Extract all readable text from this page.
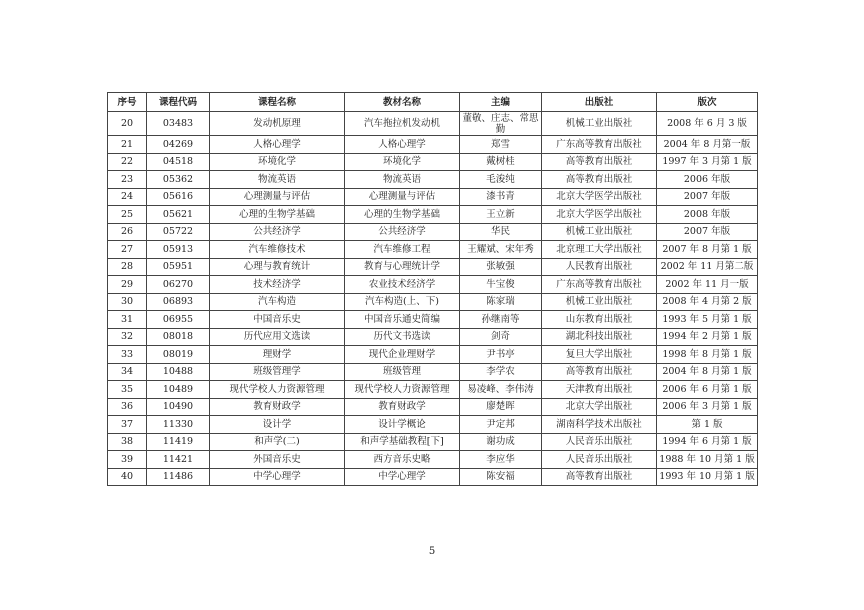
序号	课程代码	课程名称	教材名称	主编	出版社	版次
20	03483	发动机原理	汽车拖拉机发动机	董敬、庄志、常思勤	机械工业出版社	2008 年 6 月 3 版
21	04269	人格心理学	人格心理学	郑雪	广东高等教育出版社	2004 年 8 月第一版
22	04518	环境化学	环境化学	戴树桂	高等教育出版社	1997 年 3 月第 1 版
23	05362	物流英语	物流英语	毛浚纯	高等教育出版社	2006 年版
24	05616	心理测量与评估	心理测量与评估	漆书青	北京大学医学出版社	2007 年版
25	05621	心理的生物学基础	心理的生物学基础	王立新	北京大学医学出版社	2008 年版
26	05722	公共经济学	公共经济学	华民	机械工业出版社	2007 年版
27	05913	汽车维修技术	汽车维修工程	王耀斌、宋年秀	北京理工大学出版社	2007 年 8 月第 1 版
28	05951	心理与教育统计	教育与心理统计学	张敏强	人民教育出版社	2002 年 11 月第二版
29	06270	技术经济学	农业技术经济学	牛宝俊	广东高等教育出版社	2002 年 11 月一版
30	06893	汽车构造	汽车构造(上、下)	陈家瑞	机械工业出版社	2008 年 4 月第 2 版
31	06955	中国音乐史	中国音乐通史简编	孙继南等	山东教育出版社	1993 年 5 月第 1 版
32	08018	历代应用文选读	历代文书选读	剑奇	湖北科技出版社	1994 年 2 月第 1 版
33	08019	理财学	现代企业理财学	尹书亭	复旦大学出版社	1998 年 8 月第 1 版
34	10488	班级管理学	班级管理	李学农	高等教育出版社	2004 年 8 月第 1 版
35	10489	现代学校人力资源管理	现代学校人力资源管理	易凌峰、李伟涛	天津教育出版社	2006 年 6 月第 1 版
36	10490	教育财政学	教育财政学	廖楚晖	北京大学出版社	2006 年 3 月第 1 版
37	11330	设计学	设计学概论	尹定邦	湖南科学技术出版社	第 1 版
38	11419	和声学(二)	和声学基础教程[下]	谢功成	人民音乐出版社	1994 年 6 月第 1 版
39	11421	外国音乐史	西方音乐史略	李应华	人民音乐出版社	1988 年 10 月第 1 版
40	11486	中学心理学	中学心理学	陈安福	高等教育出版社	1993 年 10 月第 1 版
5
